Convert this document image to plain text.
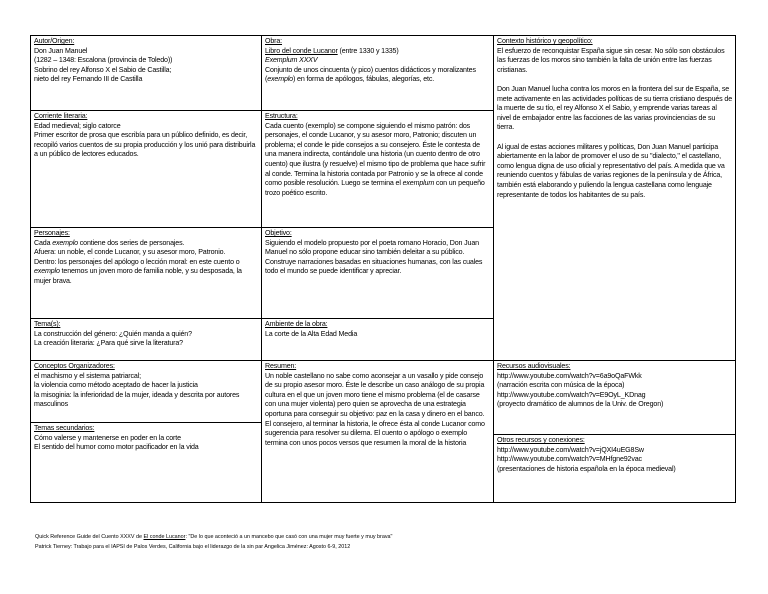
Autor/Origen:
Don Juan Manuel
(1282 – 1348: Escalona (provincia de Toledo))
Sobrino del rey Alfonso X el Sabio de Castilla;
nieto del rey Fernando III de Castilla
Obra:
Libro del conde Lucanor (entre 1330 y 1335)
Exemplum XXXV
Conjunto de unos cincuenta (y pico) cuentos didácticos y moralizantes (exemplo) en forma de apólogos, fábulas, alegorías, etc.
Contexto histórico y geopolítico:
El esfuerzo de reconquistar España sigue sin cesar. No sólo son obstáculos las fuerzas de los moros sino también la falta de unión entre las fuerzas cristianas.
Don Juan Manuel lucha contra los moros en la frontera del sur de España, se mete activamente en las actividades políticas de su tierra cristiano después de la muerte de su tío, el rey Alfonso X el Sabio, y emprende varias tareas al nivel de embajador entre las facciones de las varias provinciencias de su tierra.
Al igual de estas acciones militares y políticas, Don Juan Manuel participa abiertamente en la labor de promover el uso de su "dialecto," el castellano, como lengua digna de uso oficial y representativo del país. A medida que va reuniendo cuentos y fábulas de varias regiones de la península y de África, también está elaborando y puliendo la lengua castellana como lenguaje representante de todos los habitantes de su país.
Corriente literaria:
Edad medieval; siglo catorce
Primer escritor de prosa que escribía para un público definido, es decir, recopiló varios cuentos de su propia producción y los unió para distribuirla a un público de lectores educados.
Estructura:
Cada cuento (exemplo) se compone siguiendo el mismo patrón: dos personajes, el conde Lucanor, y su asesor moro, Patronio; discuten un problema; el conde le pide consejos a su consejero. Éste le contesta de una manera indirecta, contándole una historia (un cuento dentro de otro cuento) que ilustra (y resuelve) el mismo tipo de problema que hace sufrir al conde. Termina la historia contada por Patronio y se la ofrece al conde como posible resolución. Luego se termina el exemplum con un pequeño trozo poético escrito.
Personajes:
Cada exemplo contiene dos series de personajes.
Afuera: un noble, el conde Lucanor, y su asesor moro, Patronio.
Dentro: los personajes del apólogo o lección moral: en este cuento o exemplo tenemos un joven moro de familia noble, y su desposada, la mujer brava.
Objetivo:
Siguiendo el modelo propuesto por el poeta romano Horacio, Don Juan Manuel no sólo propone educar sino también deleitar a su público. Construye narraciones basadas en situaciones humanas, con las cuales todo el mundo se puede identificar y apreciar.
Tema(s):
La construcción del género: ¿Quién manda a quién?
La creación literaria: ¿Para qué sirve la literatura?
Ambiente de la obra:
La corte de la Alta Edad Media
Conceptos Organizadores:
el machismo y el sistema patriarcal;
la violencia como método aceptado de hacer la justicia
la misoginia: la inferioridad de la mujer, ideada y descrita por autores masculinos
Temas secundarios:
Cómo valerse y mantenerse en poder en la corte
El sentido del humor como motor pacificador en la vida
Resumen:
Un noble castellano no sabe como aconsejar a un vasallo y pide consejo de su propio asesor moro. Éste le describe un caso análogo de su propia cultura en el que un joven moro tiene el mismo problema (el de casarse con una mujer violenta) pero quien se aprovecha de una estrategia oportuna para conseguir su objetivo: paz en la casa y dinero en el banco. El consejero, al terminar la historia, le ofrece ésta al conde Lucanor como sugerencia para resolver su dilema. El cuento o apólogo o exemplo termina con unos pocos versos que resumen la moral de la historia
Recursos audiovisuales:
http://www.youtube.com/watch?v=6a9oQaFWkk
(narración escrita con música de la época)
http://www.youtube.com/watch?v=E9OyL_KDnag
(proyecto dramático de alumnos de la Univ. de Oregon)
Otros recursos y conexiones:
http://www.youtube.com/watch?v=jQXI4uEG8Sw
http://www.youtube.com/watch?v=MHfgne92vac
(presentaciones de historia española en la época medieval)
Quick Reference Guide del Cuento XXXV de El conde Lucanor: "De lo que aconteció a un mancebo que casó con una mujer muy fuerte y muy brava"
Patrick Tierney: Trabajo para el IAPSI de Palos Verdes, California bajo el liderazgo de la sin par Angelica Jiménez: Agosto 6-9, 2012
